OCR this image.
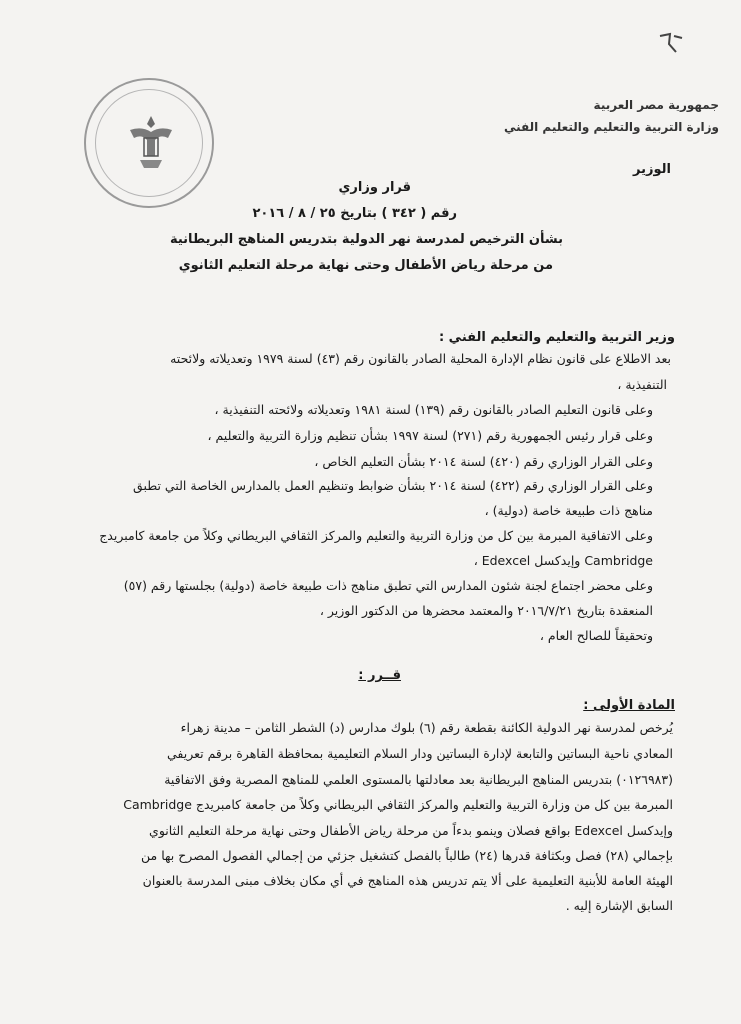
جمهورية مصر العربية
وزارة التربية والتعليم والتعليم الفني
الوزير
قرار وزاري
رقم ( ٣٤٢ ) بتاريخ ٢٥ / ٨ / ٢٠١٦
بشأن الترخيص لمدرسة نهر الدولية بتدريس المناهج البريطانية
من مرحلة رياض الأطفال وحتى نهاية مرحلة التعليم الثانوي
وزير التربية والتعليم والتعليم الفني :
بعد الاطلاع على قانون نظام الإدارة المحلية الصادر بالقانون رقم (٤٣) لسنة ١٩٧٩ وتعديلاته ولائحته
التنفيذية ،
وعلى قانون التعليم الصادر بالقانون رقم (١٣٩) لسنة ١٩٨١ وتعديلاته ولائحته التنفيذية ،
وعلى قرار رئيس الجمهورية رقم (٢٧١) لسنة ١٩٩٧ بشأن تنظيم وزارة التربية والتعليم ،
وعلى القرار الوزاري رقم (٤٢٠) لسنة ٢٠١٤ بشأن التعليم الخاص ،
وعلى القرار الوزاري رقم (٤٢٢) لسنة ٢٠١٤ بشأن ضوابط وتنظيم العمل بالمدارس الخاصة التي تطبق
مناهج ذات طبيعة خاصة (دولية) ،
وعلى الاتفاقية المبرمة بين كل من وزارة التربية والتعليم والمركز الثقافي البريطاني وكلاً من جامعة كامبريدج
Cambridge وإيدكسل Edexcel ،
وعلى محضر اجتماع لجنة شئون المدارس التي تطبق مناهج ذات طبيعة خاصة (دولية) بجلستها رقم (٥٧)
المنعقدة بتاريخ ٢٠١٦/٧/٢١ والمعتمد محضرها من الدكتور الوزير ،
وتحقيقاً للصالح العام ،
قــرر :
المادة الأولى :
يُرخص لمدرسة نهر الدولية الكائنة بقطعة رقم (٦) بلوك مدارس (د) الشطر الثامن – مدينة زهراء
المعادي ناحية البساتين والتابعة لإدارة البساتين ودار السلام التعليمية بمحافظة القاهرة برقم تعريفي
(٠١٢٦٩٨٣) بتدريس المناهج البريطانية بعد معادلتها بالمستوى العلمي للمناهج المصرية وفق الاتفاقية
المبرمة بين كل من وزارة التربية والتعليم والمركز الثقافي البريطاني وكلاً من جامعة كامبريدج Cambridge
وإيدكسل Edexcel بواقع فصلان وينمو بدءاً من مرحلة رياض الأطفال وحتى نهاية مرحلة التعليم الثانوي
بإجمالي (٢٨) فصل وبكثافة قدرها (٢٤) طالباً بالفصل كتشغيل جزئي من إجمالي الفصول المصرح بها من
الهيئة العامة للأبنية التعليمية على ألا يتم تدريس هذه المناهج في أي مكان بخلاف مبنى المدرسة بالعنوان
السابق الإشارة إليه .
